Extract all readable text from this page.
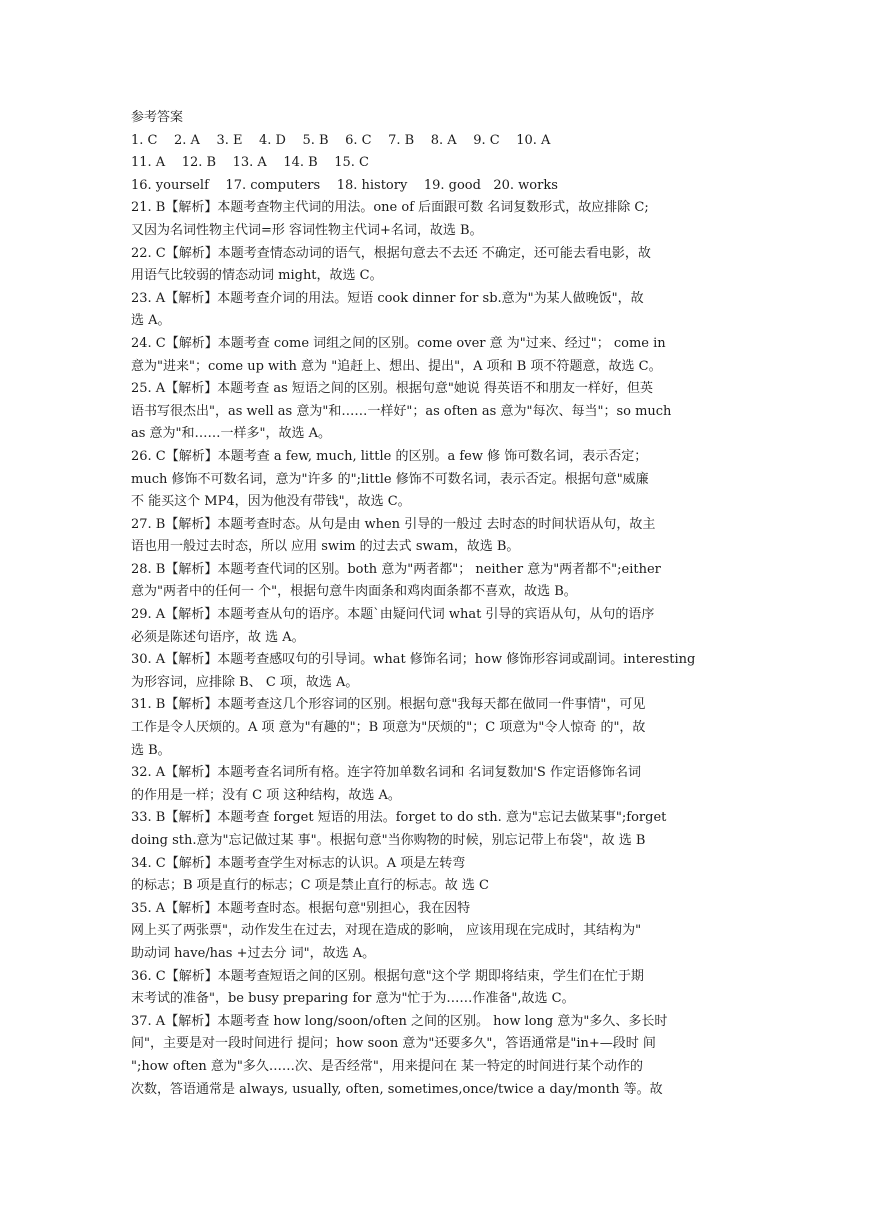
参考答案
1. C    2. A    3. E    4. D    5. B    6. C    7. B    8. A    9. C    10. A
11. A    12. B    13. A    14. B    15. C
16. yourself    17. computers    18. history    19. good   20. works
21. B【解析】本题考查物主代词的用法。one of 后面跟可数 名词复数形式，故应排除 C;
又因为名词性物主代词=形 容词性物主代词+名词，故选 B。
22. C【解析】本题考查情态动词的语气，根据句意去不去还 不确定，还可能去看电影，故
用语气比较弱的情态动词 might，故选 C。
23. A【解析】本题考查介词的用法。短语 cook dinner for sb.意为"为某人做晚饭"，故
选 A。
24. C【解析】本题考查 come 词组之间的区别。come over 意 为"过来、经过"； come in
意为"进来"；come up with 意为 "追赶上、想出、提出"，A 项和 B 项不符题意，故选 C。
25. A【解析】本题考查 as 短语之间的区别。根据句意"她说 得英语不和朋友一样好，但英
语书写很杰出"，as well as 意为"和……一样好"；as often as 意为"每次、每当"；so much
as 意为"和……一样多"，故选 A。
26. C【解析】本题考查 a few, much, little 的区别。a few 修 饰可数名词，表示否定；
much 修饰不可数名词，意为"许多 的";little 修饰不可数名词，表示否定。根据句意"威廉
不 能买这个 MP4，因为他没有带钱"，故选 C。
27. B【解析】本题考查时态。从句是由 when 引导的一般过 去时态的时间状语从句，故主
语也用一般过去时态，所以 应用 swim 的过去式 swam，故选 B。
28. B【解析】本题考查代词的区别。both 意为"两者都"； neither 意为"两者都不";either
意为"两者中的任何一 个"，根据句意牛肉面条和鸡肉面条都不喜欢，故选 B。
29. A【解析】本题考查从句的语序。本题`由疑问代词 what 引导的宾语从句，从句的语序
必须是陈述句语序，故 选 A。
30. A【解析】本题考查感叹句的引导词。what 修饰名词；how 修饰形容词或副词。interesting
为形容词，应排除 B、 C 项，故选 A。
31. B【解析】本题考查这几个形容词的区别。根据句意"我每天都在做同一件事情"，可见
工作是令人厌烦的。A 项 意为"有趣的"；B 项意为"厌烦的"；C 项意为"令人惊奇 的"，故
选 B。
32. A【解析】本题考查名词所有格。连字符加单数名词和 名词复数加'S 作定语修饰名词
的作用是一样；没有 C 项 这种结构，故选 A。
33. B【解析】本题考查 forget 短语的用法。forget to do sth. 意为"忘记去做某事";forget
doing sth.意为"忘记做过某 事"。根据句意"当你购物的时候，别忘记带上布袋"，故 选 B
34. C【解析】本题考查学生对标志的认识。A 项是左转弯
的标志；B 项是直行的标志；C 项是禁止直行的标志。故 选 C
35. A【解析】本题考查时态。根据句意"别担心，我在因特
网上买了两张票"，动作发生在过去，对现在造成的影响， 应该用现在完成时，其结构为"
助动词 have/has +过去分 词"，故选 A。
36. C【解析】本题考查短语之间的区别。根据句意"这个学 期即将结束，学生们在忙于期
末考试的准备"，be busy preparing for 意为"忙于为……作准备",故选 C。
37. A【解析】本题考查 how long/soon/often 之间的区别。 how long 意为"多久、多长时
间"，主要是对一段时间进行 提问；how soon 意为"还要多久"，答语通常是"in+—段时 间
";how often 意为"多久……次、是否经常"，用来提问在 某一特定的时间进行某个动作的
次数，答语通常是 always, usually, often, sometimes,once/twice a day/month 等。故
